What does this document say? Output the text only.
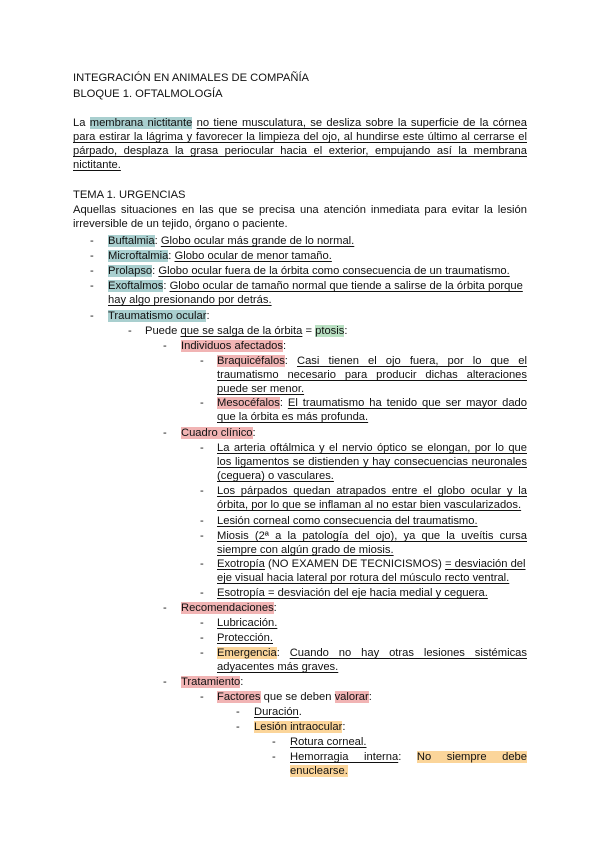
INTEGRACIÓN EN ANIMALES DE COMPAÑÍA
BLOQUE 1. OFTALMOLOGÍA
La membrana nictitante no tiene musculatura, se desliza sobre la superficie de la córnea para estirar la lágrima y favorecer la limpieza del ojo, al hundirse este último al cerrarse el párpado, desplaza la grasa periocular hacia el exterior, empujando así la membrana nictitante.
TEMA 1. URGENCIAS
Aquellas situaciones en las que se precisa una atención inmediata para evitar la lesión irreversible de un tejido, órgano o paciente.
- Buftalmia: Globo ocular más grande de lo normal.
- Microftalmia: Globo ocular de menor tamaño.
- Prolapso: Globo ocular fuera de la órbita como consecuencia de un traumatismo.
- Exoftalmos: Globo ocular de tamaño normal que tiende a salirse de la órbita porque hay algo presionando por detrás.
- Traumatismo ocular:
- Puede que se salga de la órbita = ptosis:
- Individuos afectados:
- Braquicéfalos: Casi tienen el ojo fuera, por lo que el traumatismo necesario para producir dichas alteraciones puede ser menor.
- Mesocéfalos: El traumatismo ha tenido que ser mayor dado que la órbita es más profunda.
- Cuadro clínico:
- La arteria oftálmica y el nervio óptico se elongan, por lo que los ligamentos se distienden y hay consecuencias neuronales (ceguera) o vasculares.
- Los párpados quedan atrapados entre el globo ocular y la órbita, por lo que se inflaman al no estar bien vascularizados.
- Lesión corneal como consecuencia del traumatismo.
- Miosis (2ª a la patología del ojo), ya que la uveítis cursa siempre con algún grado de miosis.
- Exotropía (NO EXAMEN DE TECNICISMOS) = desviación del eje visual hacia lateral por rotura del músculo recto ventral.
- Esotropía = desviación del eje hacia medial y ceguera.
- Recomendaciones:
- Lubricación.
- Protección.
- Emergencia: Cuando no hay otras lesiones sistémicas adyacentes más graves.
- Tratamiento:
- Factores que se deben valorar:
- Duración.
- Lesión intraocular:
- Rotura corneal.
- Hemorragia interna: No siempre debe enuclearse.
